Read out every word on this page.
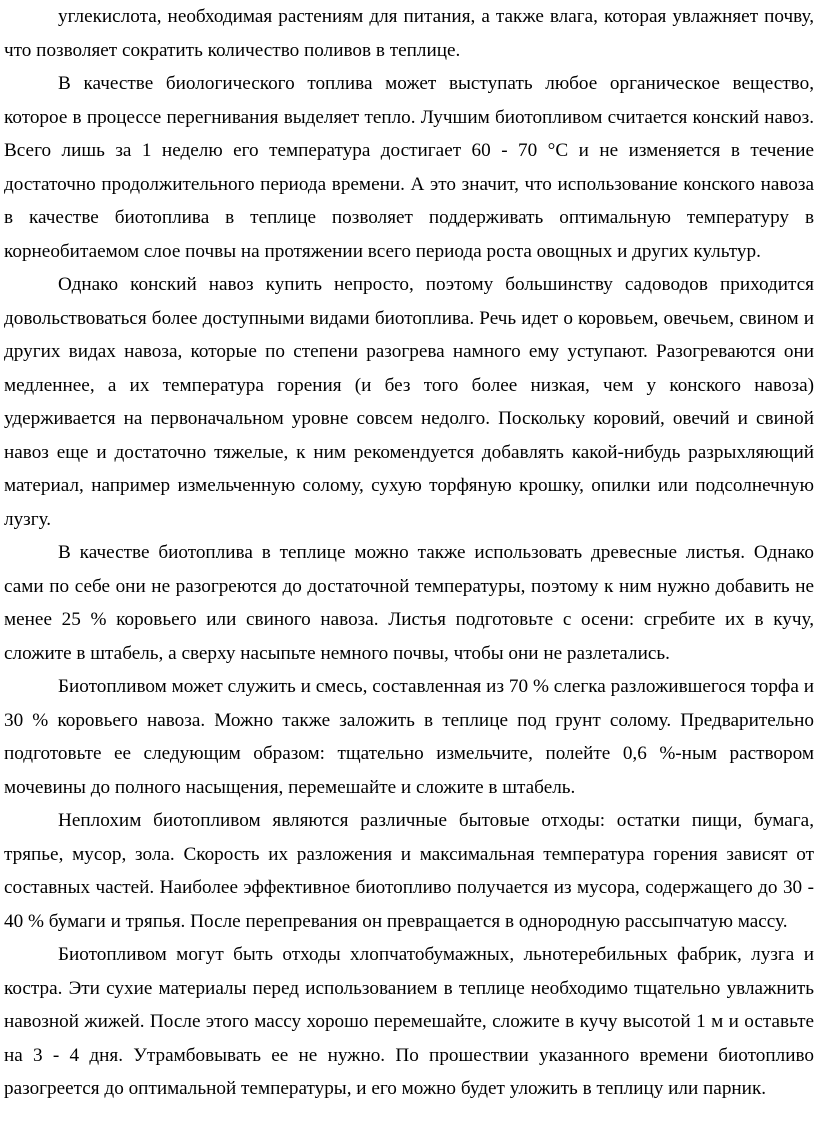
углекислота, необходимая растениям для питания, а также влага, которая увлажняет почву, что позволяет сократить количество поливов в теплице.

В качестве биологического топлива может выступать любое органическое вещество, которое в процессе перегнивания выделяет тепло. Лучшим биотопливом считается конский навоз. Всего лишь за 1 неделю его температура достигает 60 - 70 °С и не изменяется в течение достаточно продолжительного периода времени. А это значит, что использование конского навоза в качестве биотоплива в теплице позволяет поддерживать оптимальную температуру в корнеобитаемом слое почвы на протяжении всего периода роста овощных и других культур.

Однако конский навоз купить непросто, поэтому большинству садоводов приходится довольствоваться более доступными видами биотоплива. Речь идет о коровьем, овечьем, свином и других видах навоза, которые по степени разогрева намного ему уступают. Разогреваются они медленнее, а их температура горения (и без того более низкая, чем у конского навоза) удерживается на первоначальном уровне совсем недолго. Поскольку коровий, овечий и свиной навоз еще и достаточно тяжелые, к ним рекомендуется добавлять какой-нибудь разрыхляющий материал, например измельченную солому, сухую торфяную крошку, опилки или подсолнечную лузгу.

В качестве биотоплива в теплице можно также использовать древесные листья. Однако сами по себе они не разогреются до достаточной температуры, поэтому к ним нужно добавить не менее 25 % коровьего или свиного навоза. Листья подготовьте с осени: сгребите их в кучу, сложите в штабель, а сверху насыпьте немного почвы, чтобы они не разлетались.

Биотопливом может служить и смесь, составленная из 70 % слегка разложившегося торфа и 30 % коровьего навоза. Можно также заложить в теплице под грунт солому. Предварительно подготовьте ее следующим образом: тщательно измельчите, полейте 0,6 %-ным раствором мочевины до полного насыщения, перемешайте и сложите в штабель.

Неплохим биотопливом являются различные бытовые отходы: остатки пищи, бумага, тряпье, мусор, зола. Скорость их разложения и максимальная температура горения зависят от составных частей. Наиболее эффективное биотопливо получается из мусора, содержащего до 30 - 40 % бумаги и тряпья. После перепревания он превращается в однородную рассыпчатую массу.

Биотопливом могут быть отходы хлопчатобумажных, льнотеребильных фабрик, лузга и костра. Эти сухие материалы перед использованием в теплице необходимо тщательно увлажнить навозной жижей. После этого массу хорошо перемешайте, сложите в кучу высотой 1 м и оставьте на 3 - 4 дня. Утрамбовывать ее не нужно. По прошествии указанного времени биотопливо разогреется до оптимальной температуры, и его можно будет уложить в теплицу или парник.
